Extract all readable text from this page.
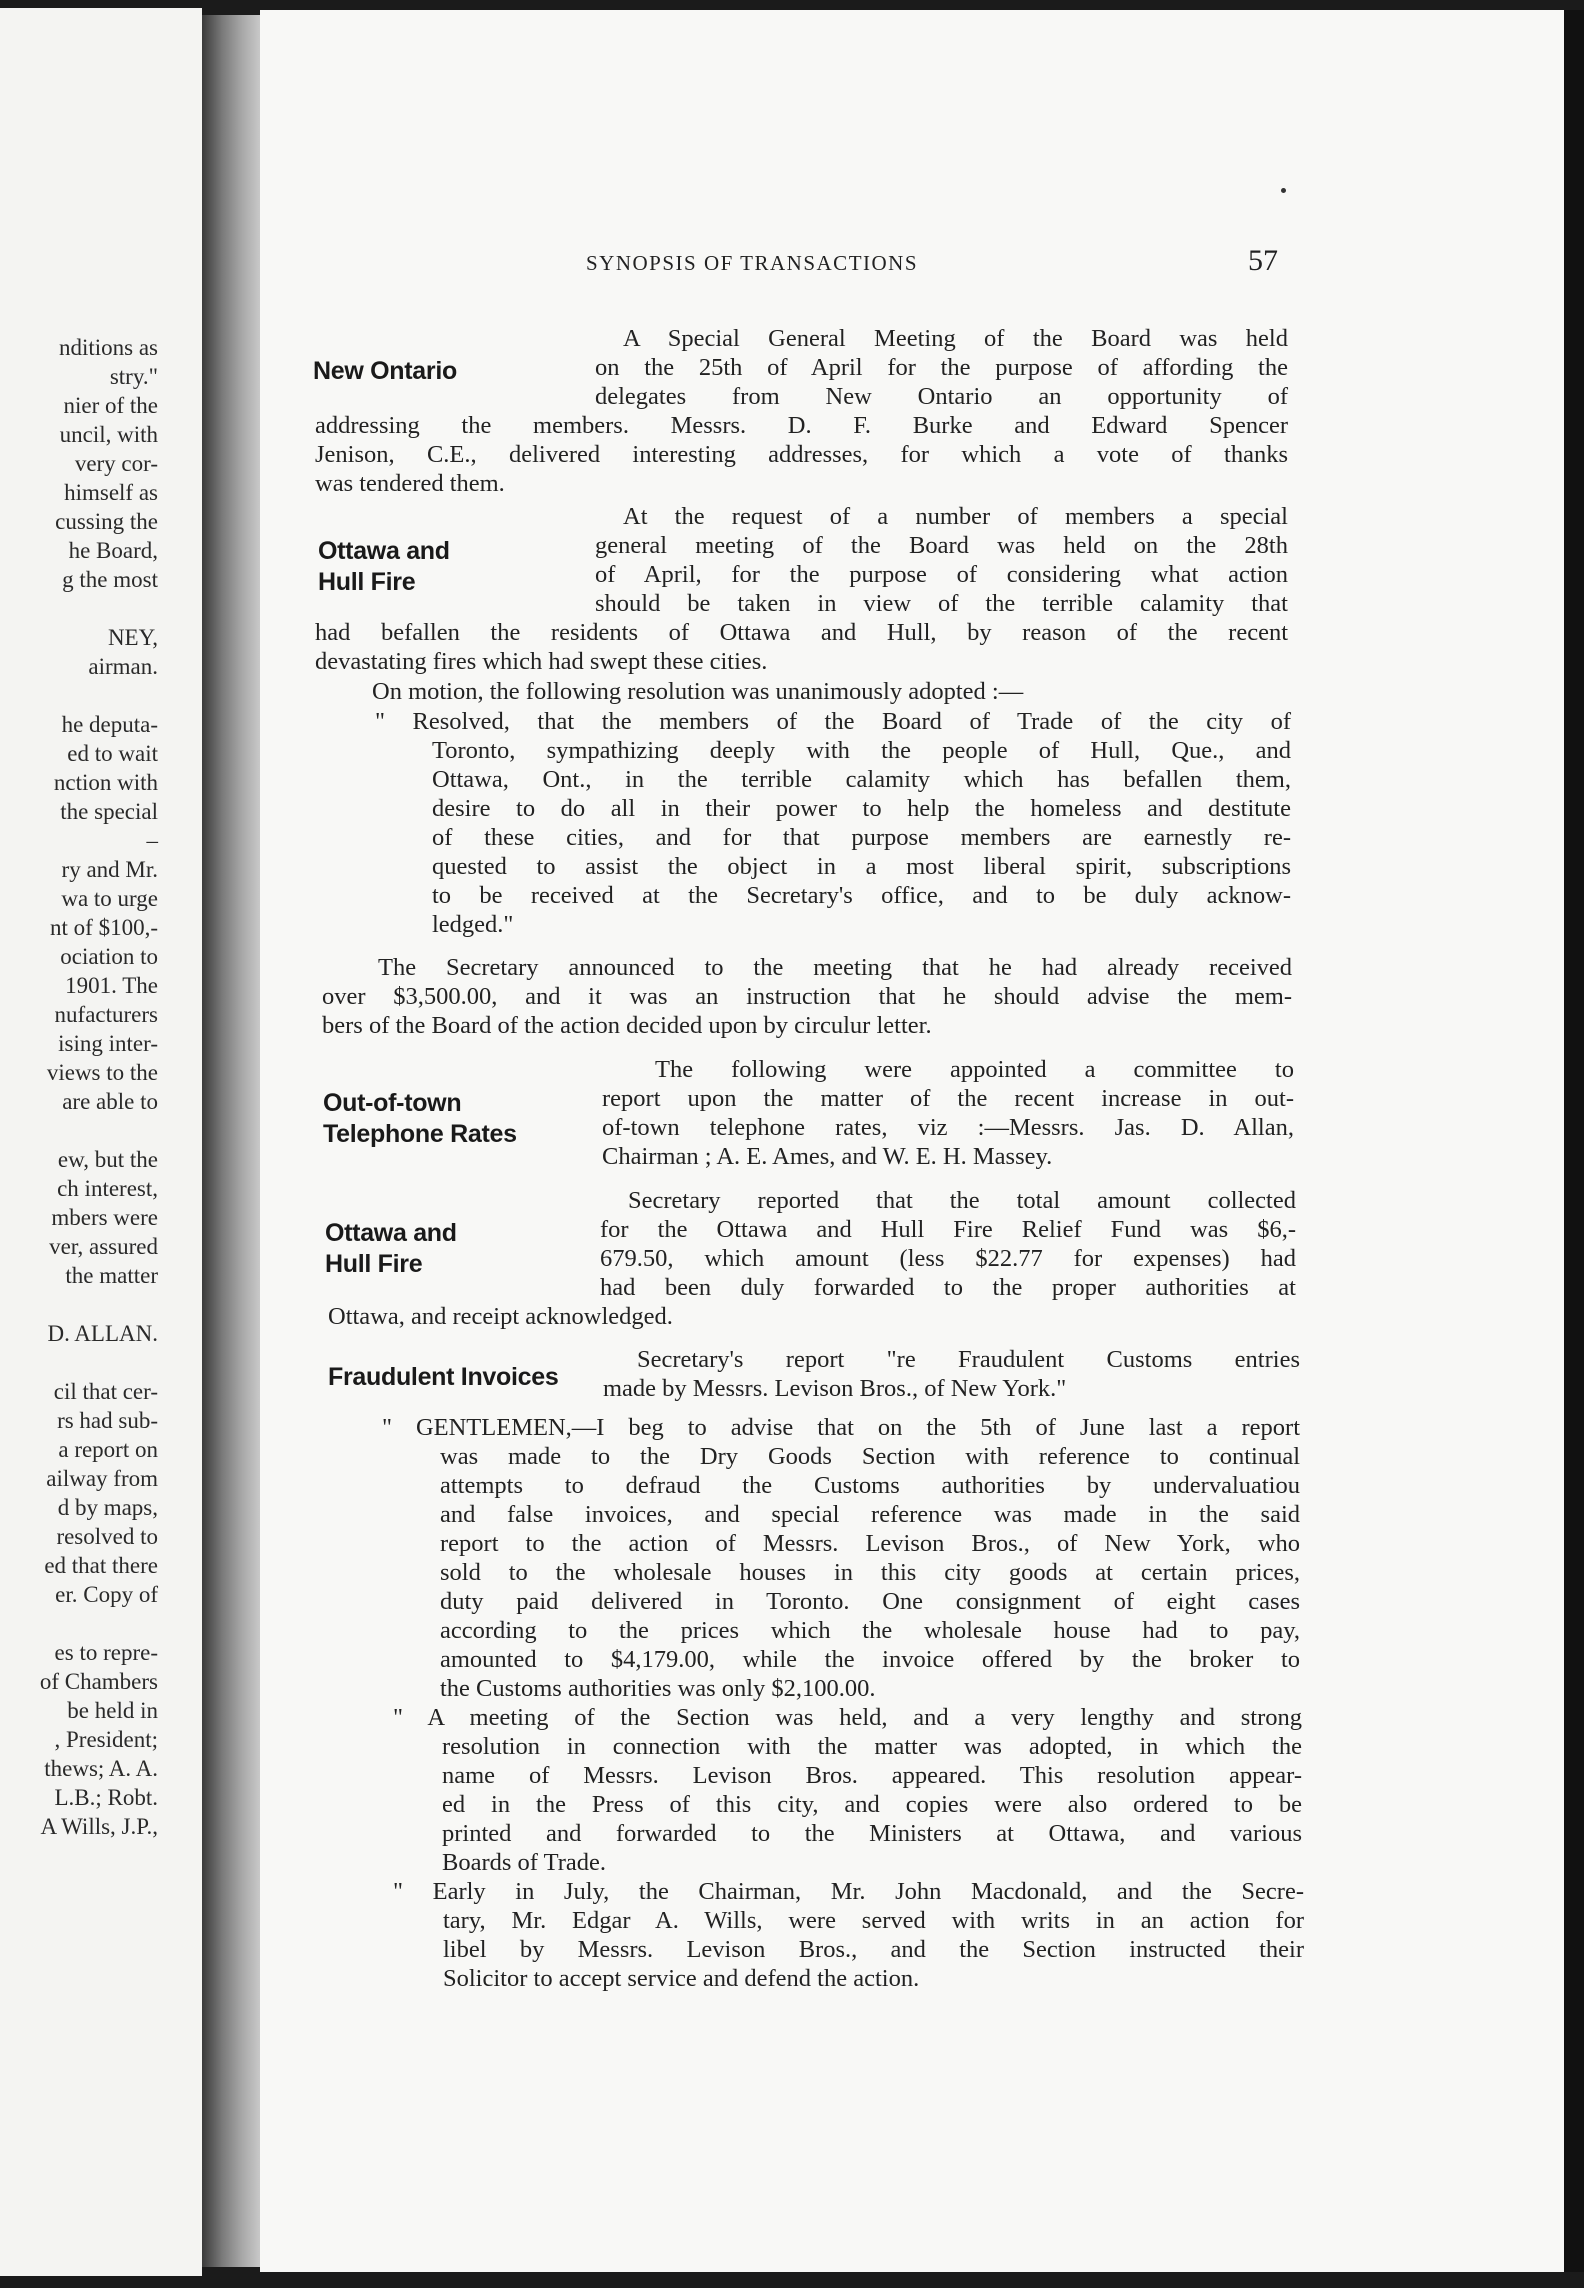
nditions as
stry."
nier of the
uncil, with
very cor-
himself as
cussing the
he Board,
g the most
NEY,
airman.
he deputa-
ed to wait
nction with
the special
–
ry and Mr.
wa to urge
nt of $100,-
ociation to
1901. The
nufacturers
ising inter-
views to the
are able to
ew, but the
ch interest,
mbers were
ver, assured
the matter
D. ALLAN.
cil that cer-
rs had sub-
a report on
ailway from
d by maps,
resolved to
ed that there
er. Copy of
es to repre-
of Chambers
be held in
, President;
thews; A. A.
L.B.; Robt.
A Wills, J.P.,
SYNOPSIS OF TRANSACTIONS	57
New Ontario
A Special General Meeting of the Board was held
on the 25th of April for the purpose of affording the
delegates from New Ontario an opportunity of
addressing the members. Messrs. D. F. Burke and Edward Spencer
Jenison, C.E., delivered interesting addresses, for which a vote of thanks
was tendered them.
Ottawa and
Hull Fire
At the request of a number of members a special
general meeting of the Board was held on the 28th
of April, for the purpose of considering what action
should be taken in view of the terrible calamity that
had befallen the residents of Ottawa and Hull, by reason of the recent
devastating fires which had swept these cities.
On motion, the following resolution was unanimously adopted :—
" Resolved, that the members of the Board of Trade of the city of
Toronto, sympathizing deeply with the people of Hull, Que., and
Ottawa, Ont., in the terrible calamity which has befallen them,
desire to do all in their power to help the homeless and destitute
of these cities, and for that purpose members are earnestly re-
quested to assist the object in a most liberal spirit, subscriptions
to be received at the Secretary's office, and to be duly acknow-
ledged."
The Secretary announced to the meeting that he had already received
over $3,500.00, and it was an instruction that he should advise the mem-
bers of the Board of the action decided upon by circulur letter.
Out-of-town
Telephone Rates
The following were appointed a committee to
report upon the matter of the recent increase in out-
of-town telephone rates, viz :—Messrs. Jas. D. Allan,
Chairman ; A. E. Ames, and W. E. H. Massey.
Ottawa and
Hull Fire
Secretary reported that the total amount collected
for the Ottawa and Hull Fire Relief Fund was $6,-
679.50, which amount (less $22.77 for expenses) had
had been duly forwarded to the proper authorities at
Ottawa, and receipt acknowledged.
Fraudulent Invoices
Secretary's report "re Fraudulent Customs entries
made by Messrs. Levison Bros., of New York."
" GENTLEMEN,—I beg to advise that on the 5th of June last a report
was made to the Dry Goods Section with reference to continual
attempts to defraud the Customs authorities by undervaluatiou
and false invoices, and special reference was made in the said
report to the action of Messrs. Levison Bros., of New York, who
sold to the wholesale houses in this city goods at certain prices,
duty paid delivered in Toronto. One consignment of eight cases
according to the prices which the wholesale house had to pay,
amounted to $4,179.00, while the invoice offered by the broker to
the Customs authorities was only $2,100.00.
" A meeting of the Section was held, and a very lengthy and strong
resolution in connection with the matter was adopted, in which the
name of Messrs. Levison Bros. appeared. This resolution appear-
ed in the Press of this city, and copies were also ordered to be
printed and forwarded to the Ministers at Ottawa, and various
Boards of Trade.
" Early in July, the Chairman, Mr. John Macdonald, and the Secre-
tary, Mr. Edgar A. Wills, were served with writs in an action for
libel by Messrs. Levison Bros., and the Section instructed their
Solicitor to accept service and defend the action.
